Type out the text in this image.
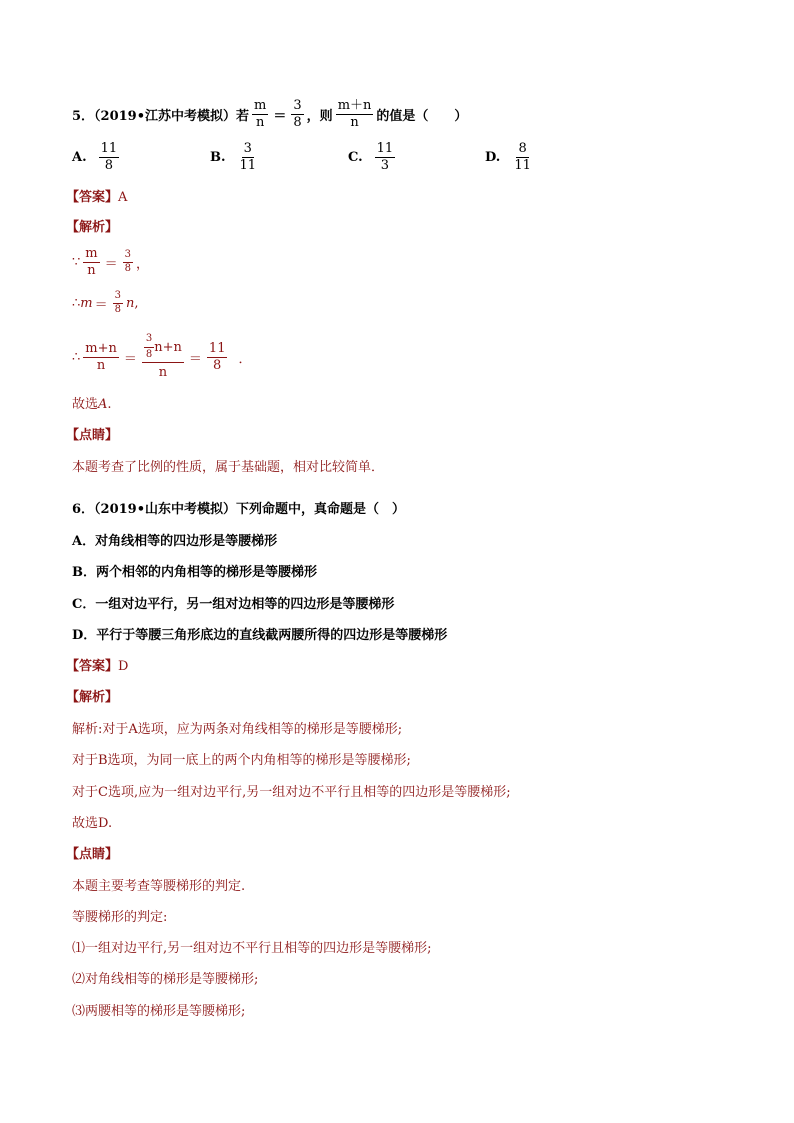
5．（2019•江苏中考模拟）若 $\frac{m}{n} = \frac{3}{8}$ ，则 $\frac{m+n}{n}$ 的值是（　　）
A. $\frac{11}{8}$	B. $\frac{3}{11}$	C. $\frac{11}{3}$	D. $\frac{8}{11}$
【答案】A
【解析】
∵ $\frac{m}{n} = \frac{3}{8}$ ，
∴ $m = \frac{3}{8}$ n ,
∴ $\frac{m+n}{n} = \frac{\frac{3}{8} n+n}{n} = \frac{11}{8}$ ．
故选A.
【点睛】
本题考查了比例的性质，属于基础题，相对比较简单．
6．（2019•山东中考模拟）下列命题中，真命题是（　）
A．对角线相等的四边形是等腰梯形
B．两个相邻的内角相等的梯形是等腰梯形
C．一组对边平行，另一组对边相等的四边形是等腰梯形
D．平行于等腰三角形底边的直线截两腰所得的四边形是等腰梯形
【答案】D
【解析】
解析:对于A选项，应为两条对角线相等的梯形是等腰梯形;
对于B选项，为同一底上的两个内角相等的梯形是等腰梯形;
对于C选项,应为一组对边平行,另一组对边不平行且相等的四边形是等腰梯形;
故选D.
【点睛】
本题主要考查等腰梯形的判定.
等腰梯形的判定:
⑴一组对边平行,另一组对边不平行且相等的四边形是等腰梯形;
⑵对角线相等的梯形是等腰梯形;
⑶两腰相等的梯形是等腰梯形;
